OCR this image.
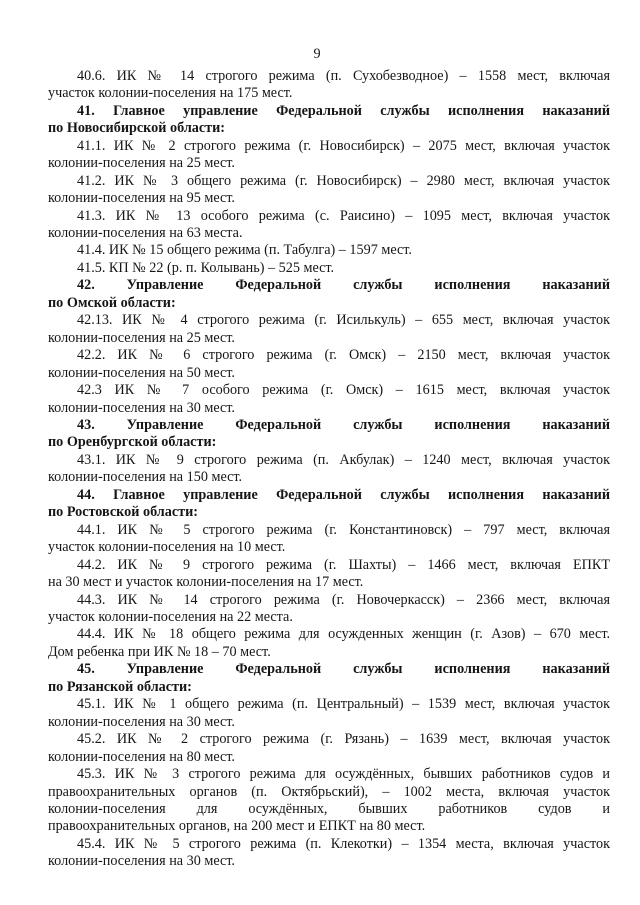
9
40.6. ИК № 14 строгого режима (п. Сухобезводное) – 1558 мест, включая
участок колонии-поселения на 175 мест.
41. Главное управление Федеральной службы исполнения наказаний
по Новосибирской области:
41.1. ИК № 2 строгого режима (г. Новосибирск) – 2075 мест, включая участок
колонии-поселения на 25 мест.
41.2. ИК № 3 общего режима (г. Новосибирск) – 2980 мест, включая участок
колонии-поселения на 95 мест.
41.3. ИК № 13 особого режима (с. Раисино) – 1095 мест, включая участок
колонии-поселения на 63 места.
41.4. ИК № 15 общего режима (п. Табулга) – 1597 мест.
41.5. КП № 22 (р. п. Колывань) – 525 мест.
42. Управление Федеральной службы исполнения наказаний
по Омской области:
42.13. ИК № 4 строгого режима (г. Исилькуль) – 655 мест, включая участок
колонии-поселения на 25 мест.
42.2. ИК № 6 строгого режима (г. Омск) – 2150 мест, включая участок
колонии-поселения на 50 мест.
42.3 ИК № 7 особого режима (г. Омск) – 1615 мест, включая участок
колонии-поселения на 30 мест.
43. Управление Федеральной службы исполнения наказаний
по Оренбургской области:
43.1. ИК № 9 строгого режима (п. Акбулак) – 1240 мест, включая участок
колонии-поселения на 150 мест.
44. Главное управление Федеральной службы исполнения наказаний
по Ростовской области:
44.1. ИК № 5 строгого режима (г. Константиновск) – 797 мест, включая
участок колонии-поселения на 10 мест.
44.2. ИК № 9 строгого режима (г. Шахты) – 1466 мест, включая ЕПКТ
на 30 мест и участок колонии-поселения на 17 мест.
44.3. ИК № 14 строгого режима (г. Новочеркасск) – 2366 мест, включая
участок колонии-поселения на 22 места.
44.4. ИК № 18 общего режима для осужденных женщин (г. Азов) – 670 мест.
Дом ребенка при ИК № 18 – 70 мест.
45. Управление Федеральной службы исполнения наказаний
по Рязанской области:
45.1. ИК № 1 общего режима (п. Центральный) – 1539 мест, включая участок
колонии-поселения на 30 мест.
45.2. ИК № 2 строгого режима (г. Рязань) – 1639 мест, включая участок
колонии-поселения на 80 мест.
45.3. ИК № 3 строгого режима для осуждённых, бывших работников судов и
правоохранительных органов (п. Октябрьский), – 1002 места, включая участок
колонии-поселения для осуждённых, бывших работников судов и
правоохранительных органов, на 200 мест и ЕПКТ на 80 мест.
45.4. ИК № 5 строгого режима (п. Клекотки) – 1354 места, включая участок
колонии-поселения на 30 мест.
